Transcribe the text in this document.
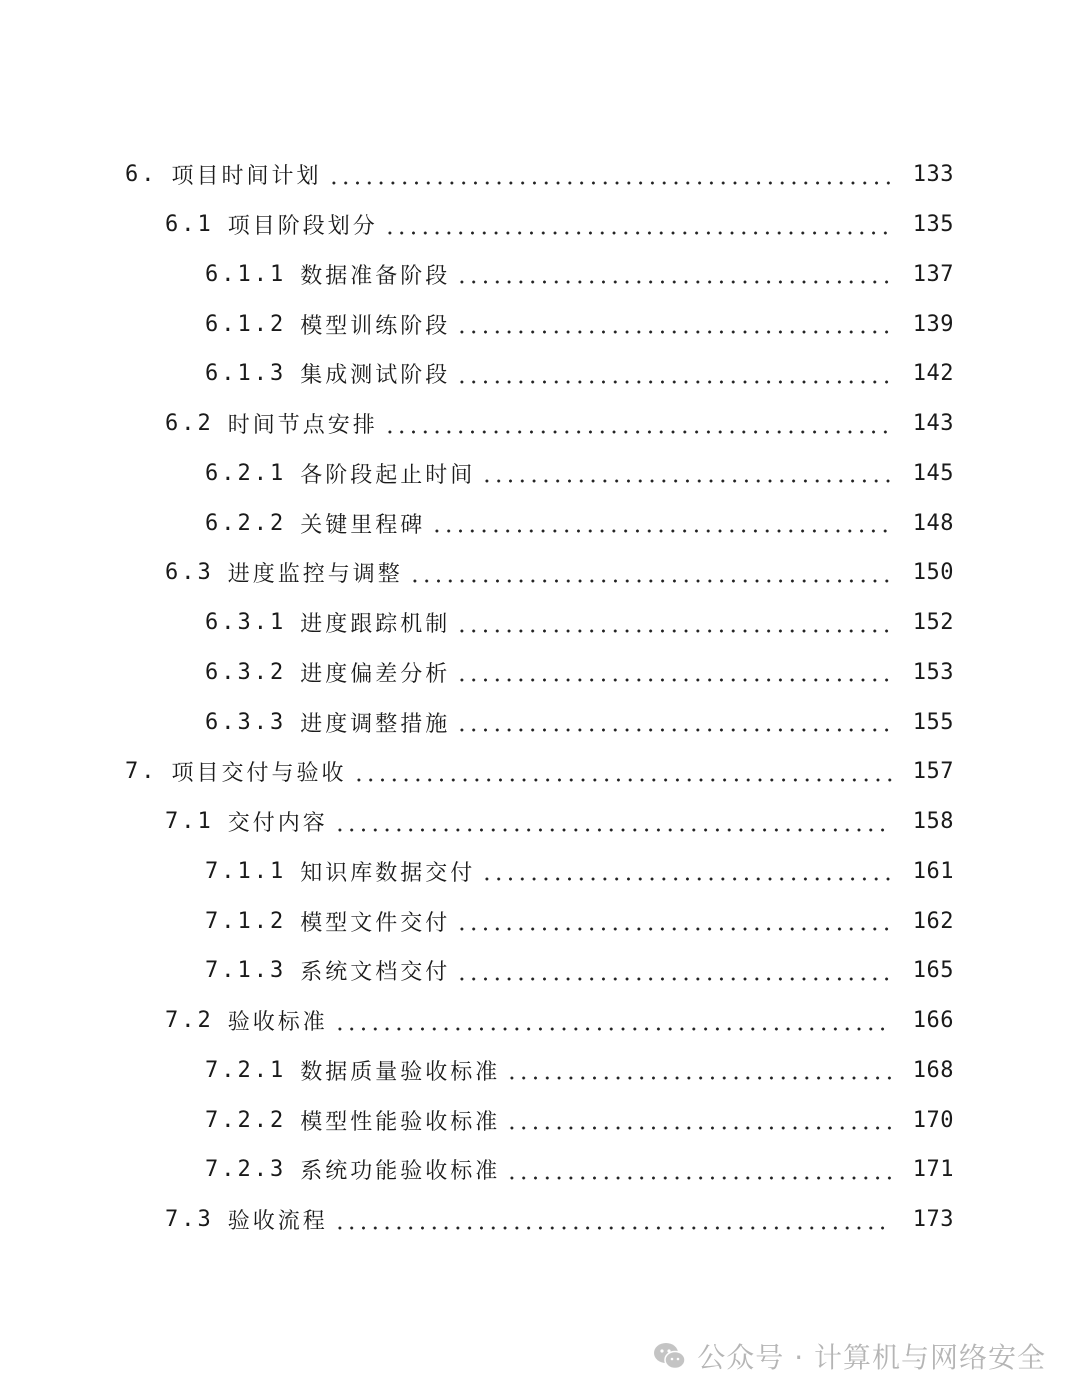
6. 项目时间计划	133
6.1 项目阶段划分	135
6.1.1 数据准备阶段	137
6.1.2 模型训练阶段	139
6.1.3 集成测试阶段	142
6.2 时间节点安排	143
6.2.1 各阶段起止时间	145
6.2.2 关键里程碑	148
6.3 进度监控与调整	150
6.3.1 进度跟踪机制	152
6.3.2 进度偏差分析	153
6.3.3 进度调整措施	155
7. 项目交付与验收	157
7.1 交付内容	158
7.1.1 知识库数据交付	161
7.1.2 模型文件交付	162
7.1.3 系统文档交付	165
7.2 验收标准	166
7.2.1 数据质量验收标准	168
7.2.2 模型性能验收标准	170
7.2.3 系统功能验收标准	171
7.3 验收流程	173
公众号 · 计算机与网络安全
